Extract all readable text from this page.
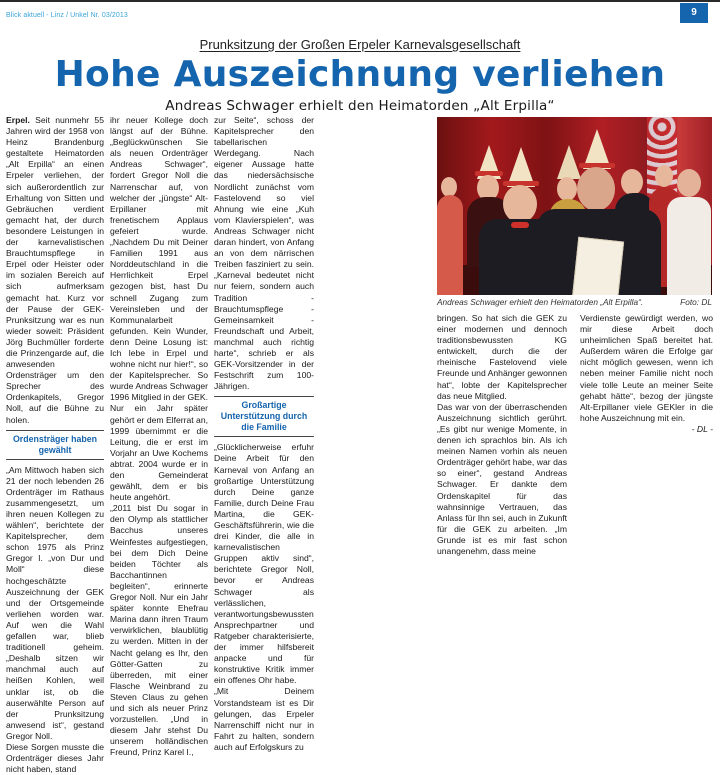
Blick aktuell - Linz / Unkel Nr. 03/2013	9
Prunksitzung der Großen Erpeler Karnevalsgesellschaft
Hohe Auszeichnung verliehen
Andreas Schwager erhielt den Heimatorden „Alt Erpilla“

Erpel. Seit nunmehr 55 Jahren wird der 1958 von Heinz Brandenburg gestaltete Heimatorden „Alt Erpilla“ an einen Erpeler verliehen, der sich außerordentlich zur Erhaltung von Sitten und Gebräuchen verdient gemacht hat, der durch besondere Leistungen in der karnevalistischen Brauchtumspflege in Erpel oder Heister oder im sozialen Bereich auf sich aufmerksam gemacht hat. Kurz vor der Pause der GEK-Prunksitzung war es nun wieder soweit: Präsident Jörg Buchmüller forderte die Prinzengarde auf, die anwesenden Ordensträger um den Sprecher des Ordenkapitels, Gregor Noll, auf die Bühne zu holen.

Ordensträger haben gewählt

„Am Mittwoch haben sich 21 der noch lebenden 26 Ordenträger im Rathaus zusammengesetzt, um ihren neuen Kollegen zu wählen“, berichtete der Kapitelsprecher, dem schon 1975 als Prinz Gregor I. „von Dur und Moll“ diese hochgeschätzte Auszeichnung der GEK und der Ortsgemeinde verliehen worden war. Auf wen die Wahl gefallen war, blieb traditionell geheim. „Deshalb sitzen wir manchmal auch auf heißen Kohlen, weil unklar ist, ob die auserwählte Person auf der Prunksitzung anwesend ist“, gestand Gregor Noll.

Diese Sorgen musste die Ordenträger dieses Jahr nicht haben, stand

ihr neuer Kollege doch längst auf der Bühne. „Beglückwünschen Sie als neuen Ordenträger Andreas Schwager“, fordert Gregor Noll die Narrenschar auf, von welcher der „jüngste“ Alt-Erpillaner mit frenetischem Applaus gefeiert wurde. „Nachdem Du mit Deiner Familien 1991 aus Norddeutschland in die Herrlichkeit Erpel gezogen bist, hast Du schnell Zugang zum Vereinsleben und der Kommunalarbeit gefunden. Kein Wunder, denn Deine Losung ist: Ich lebe in Erpel und wohne nicht nur hier!“, so der Kapitelsprecher. So wurde Andreas Schwager 1996 Mitglied in der GEK. Nur ein Jahr später gehört er dem Elferrat an, 1999 übernimmt er die Leitung, die er erst im Vorjahr an Uwe Kochems abtrat. 2004 wurde er in den Gemeinderat gewählt, dem er bis heute angehört.

„2011 bist Du sogar in den Olymp als stattlicher Bacchus unseres Weinfestes aufgestiegen, bei dem Dich Deine beiden Töchter als Bacchantinnen begleiten“, erinnerte Gregor Noll. Nur ein Jahr später konnte Ehefrau Marina dann ihren Traum verwirklichen, blaublütig zu werden. Mitten in der Nacht gelang es Ihr, den Götter-Gatten zu überreden, mit einer Flasche Weinbrand zu Steven Claus zu gehen und sich als neuer Prinz vorzustellen. „Und in diesem Jahr stehst Du unserem holländischen Freund, Prinz Karel I.,

zur Seite“, schoss der Kapitelsprecher den tabellarischen Werdegang. Nach eigener Aussage hatte das niedersächsische Nordlicht zunächst vom Fastelovend so viel Ahnung wie eine „Kuh vom Klavierspielen“, was Andreas Schwager nicht daran hindert, von Anfang an von dem närrischen Treiben fasziniert zu sein. „Karneval bedeutet nicht nur feiern, sondern auch Tradition - Brauchtumspflege - Gemeinsamkeit - Freundschaft und Arbeit, manchmal auch richtig harte“, schrieb er als GEK-Vorsitzender in der Festschrift zum 100-Jährigen.

Großartige Unterstützung durch die Familie

„Glücklicherweise erfuhr Deine Arbeit für den Karneval von Anfang an großartige Unterstützung durch Deine ganze Familie, durch Deine Frau Martina, die GEK-Geschäftsführerin, wie die drei Kinder, die alle in karnevalistischen Gruppen aktiv sind“, berichtete Gregor Noll, bevor er Andreas Schwager als verlässlichen, verantwortungsbewussten Ansprechpartner und Ratgeber charakterisierte, der immer hilfsbereit anpacke und für konstruktive Kritik immer ein offenes Ohr habe.

„Mit Deinem Vorstandsteam ist es Dir gelungen, das Erpeler Narrenschiff nicht nur in Fahrt zu halten, sondern auch auf Erfolgskurs zu

Andreas Schwager erhielt den Heimatorden „Alt Erpilla“.	Foto: DL

bringen. So hat sich die GEK zu einer modernen und dennoch traditionsbewussten KG entwickelt, durch die der rheinische Fastelovend viele Freunde und Anhänger gewonnen hat“, lobte der Kapitelsprecher das neue Mitglied.

Das war von der überraschenden Auszeichnung sichtlich gerührt. „Es gibt nur wenige Momente, in denen ich sprachlos bin. Als ich meinen Namen vorhin als neuen Ordenträger gehört habe, war das so einer“, gestand Andreas Schwager. Er dankte dem Ordenskapitel für das wahnsinnige Vertrauen, das Anlass für Ihn sei, auch in Zukunft für die GEK zu arbeiten. „Im Grunde ist es mir fast schon unangenehm, dass meine

Verdienste gewürdigt werden, wo mir diese Arbeit doch unheimlichen Spaß bereitet hat. Außerdem wären die Erfolge gar nicht möglich gewesen, wenn ich neben meiner Familie nicht noch viele tolle Leute an meiner Seite gehabt hätte“, bezog der jüngste Alt-Erpillaner viele GEKler in die hohe Auszeichnung mit ein.

- DL -
